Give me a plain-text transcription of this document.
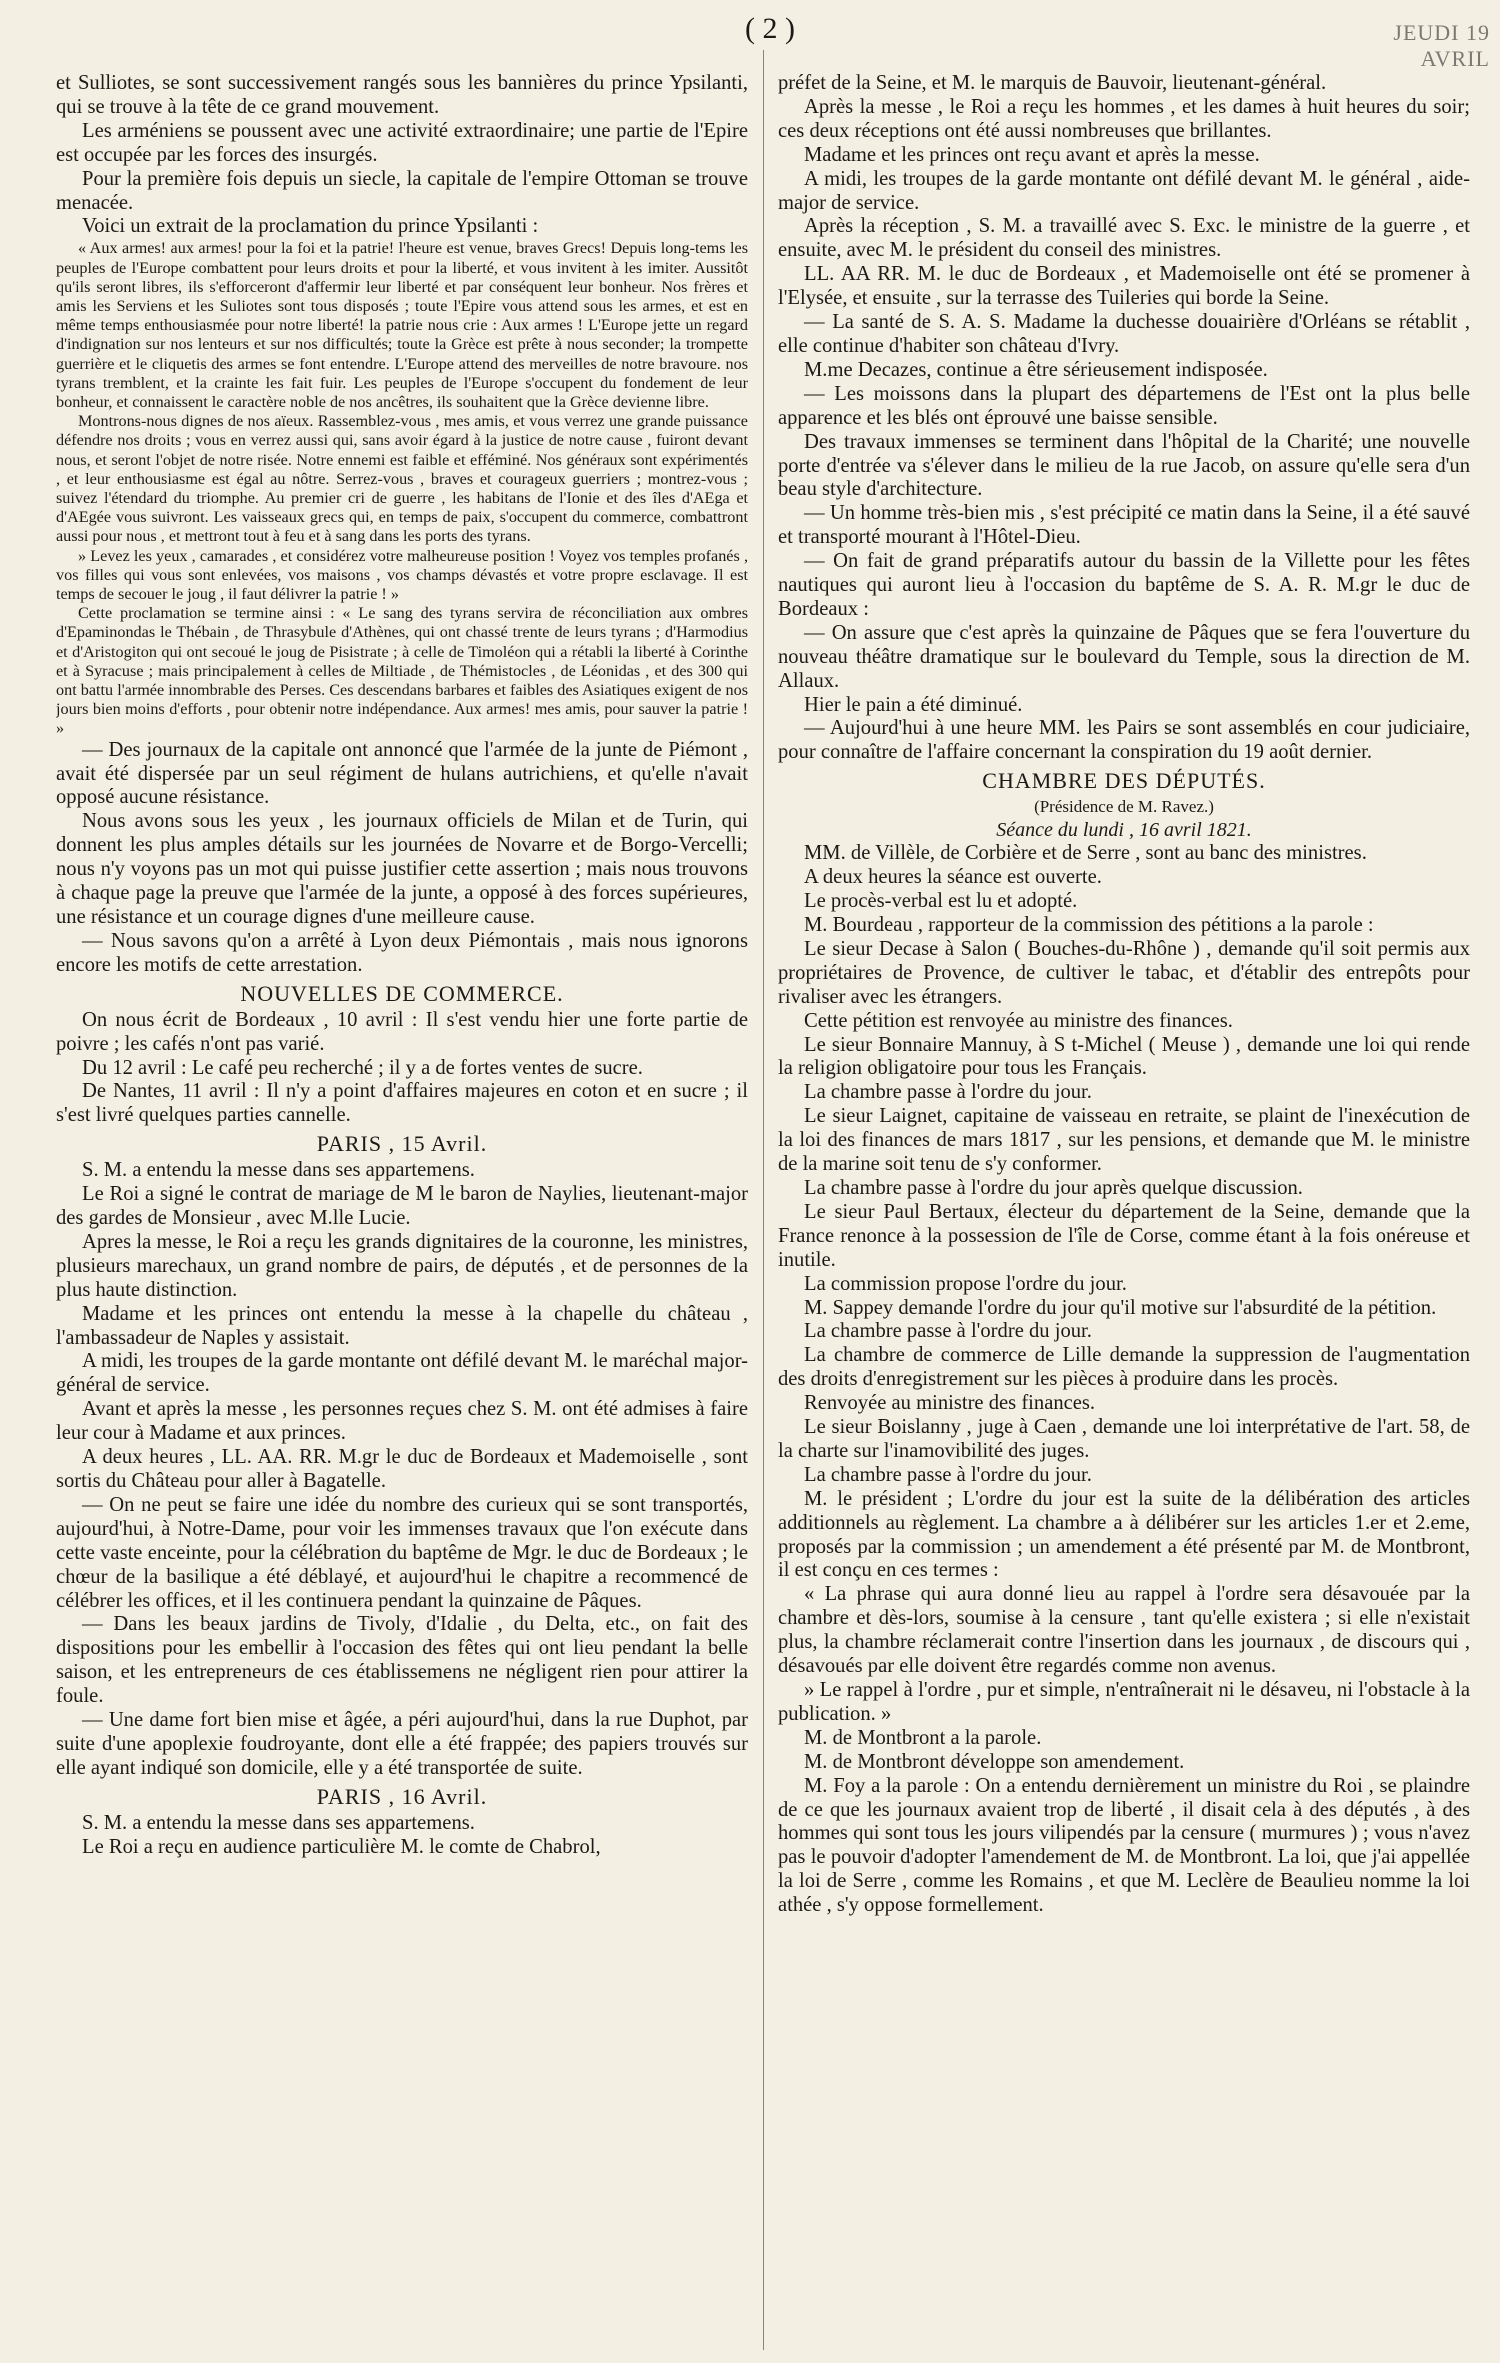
( 2 )	JEUDI 19 AVRIL

et Sulliotes, se sont successivement rangés sous les bannières du prince Ypsilanti, qui se trouve à la tête de ce grand mouvement.

Les arméniens se poussent avec une activité extraordinaire; une partie de l'Epire est occupée par les forces des insurgés.

Pour la première fois depuis un siecle, la capitale de l'empire Ottoman se trouve menacée.

Voici un extrait de la proclamation du prince Ypsilanti :

« Aux armes! aux armes! pour la foi et la patrie! l'heure est venue, braves Grecs! Depuis long-tems les peuples de l'Europe combattent pour leurs droits et pour la liberté, et vous invitent à les imiter. Aussitôt qu'ils seront libres, ils s'efforceront d'affermir leur liberté et par conséquent leur bonheur. Nos frères et amis les Serviens et les Suliotes sont tous disposés ; toute l'Epire vous attend sous les armes, et est en même temps enthousiasmée pour notre liberté! la patrie nous crie : Aux armes ! L'Europe jette un regard d'indignation sur nos lenteurs et sur nos difficultés; toute la Grèce est prête à nous seconder; la trompette guerrière et le cliquetis des armes se font entendre. L'Europe attend des merveilles de notre bravoure. nos tyrans tremblent, et la crainte les fait fuir. Les peuples de l'Europe s'occupent du fondement de leur bonheur, et connaissent le caractère noble de nos ancêtres, ils souhaitent que la Grèce devienne libre.

Montrons-nous dignes de nos aïeux. Rassemblez-vous , mes amis, et vous verrez une grande puissance défendre nos droits ; vous en verrez aussi qui, sans avoir égard à la justice de notre cause , fuiront devant nous, et seront l'objet de notre risée. Notre ennemi est faible et efféminé. Nos généraux sont expérimentés , et leur enthousiasme est égal au nôtre. Serrez-vous , braves et courageux guerriers ; montrez-vous ; suivez l'étendard du triomphe. Au premier cri de guerre , les habitans de l'Ionie et des îles d'AEga et d'AEgée vous suivront. Les vaisseaux grecs qui, en temps de paix, s'occupent du commerce, combattront aussi pour nous , et mettront tout à feu et à sang dans les ports des tyrans.

» Levez les yeux , camarades , et considérez votre malheureuse position ! Voyez vos temples profanés , vos filles qui vous sont enlevées, vos maisons , vos champs dévastés et votre propre esclavage. Il est temps de secouer le joug , il faut délivrer la patrie ! »

Cette proclamation se termine ainsi : « Le sang des tyrans servira de réconciliation aux ombres d'Epaminondas le Thébain , de Thrasybule d'Athènes, qui ont chassé trente de leurs tyrans ; d'Harmodius et d'Aristogiton qui ont secoué le joug de Pisistrate ; à celle de Timoléon qui a rétabli la liberté à Corinthe et à Syracuse ; mais principalement à celles de Miltiade , de Thémistocles , de Léonidas , et des 300 qui ont battu l'armée innombrable des Perses. Ces descendans barbares et faibles des Asiatiques exigent de nos jours bien moins d'efforts , pour obtenir notre indépendance. Aux armes! mes amis, pour sauver la patrie ! »

— Des journaux de la capitale ont annoncé que l'armée de la junte de Piémont , avait été dispersée par un seul régiment de hulans autrichiens, et qu'elle n'avait opposé aucune résistance.

Nous avons sous les yeux , les journaux officiels de Milan et de Turin, qui donnent les plus amples détails sur les journées de Novarre et de Borgo-Vercelli; nous n'y voyons pas un mot qui puisse justifier cette assertion ; mais nous trouvons à chaque page la preuve que l'armée de la junte, a opposé à des forces supérieures, une résistance et un courage dignes d'une meilleure cause.

— Nous savons qu'on a arrêté à Lyon deux Piémontais , mais nous ignorons encore les motifs de cette arrestation.

NOUVELLES DE COMMERCE.

On nous écrit de Bordeaux , 10 avril : Il s'est vendu hier une forte partie de poivre ; les cafés n'ont pas varié.

Du 12 avril : Le café peu recherché ; il y a de fortes ventes de sucre.

De Nantes, 11 avril : Il n'y a point d'affaires majeures en coton et en sucre ; il s'est livré quelques parties cannelle.

PARIS , 15 Avril.

S. M. a entendu la messe dans ses appartemens.

Le Roi a signé le contrat de mariage de M le baron de Naylies, lieutenant-major des gardes de Monsieur , avec M.lle Lucie.

Apres la messe, le Roi a reçu les grands dignitaires de la couronne, les ministres, plusieurs marechaux, un grand nombre de pairs, de députés , et de personnes de la plus haute distinction.

Madame et les princes ont entendu la messe à la chapelle du château , l'ambassadeur de Naples y assistait.

A midi, les troupes de la garde montante ont défilé devant M. le maréchal major-général de service.

Avant et après la messe , les personnes reçues chez S. M. ont été admises à faire leur cour à Madame et aux princes.

A deux heures , LL. AA. RR. M.gr le duc de Bordeaux et Mademoiselle , sont sortis du Château pour aller à Bagatelle.

— On ne peut se faire une idée du nombre des curieux qui se sont transportés, aujourd'hui, à Notre-Dame, pour voir les immenses travaux que l'on exécute dans cette vaste enceinte, pour la célébration du baptême de Mgr. le duc de Bordeaux ; le chœur de la basilique a été déblayé, et aujourd'hui le chapitre a recommencé de célébrer les offices, et il les continuera pendant la quinzaine de Pâques.

— Dans les beaux jardins de Tivoly, d'Idalie , du Delta, etc., on fait des dispositions pour les embellir à l'occasion des fêtes qui ont lieu pendant la belle saison, et les entrepreneurs de ces établissemens ne négligent rien pour attirer la foule.

— Une dame fort bien mise et âgée, a péri aujourd'hui, dans la rue Duphot, par suite d'une apoplexie foudroyante, dont elle a été frappée; des papiers trouvés sur elle ayant indiqué son domicile, elle y a été transportée de suite.

PARIS , 16 Avril.

S. M. a entendu la messe dans ses appartemens.

Le Roi a reçu en audience particulière M. le comte de Chabrol,

préfet de la Seine, et M. le marquis de Bauvoir, lieutenant-général.

Après la messe , le Roi a reçu les hommes , et les dames à huit heures du soir; ces deux réceptions ont été aussi nombreuses que brillantes.

Madame et les princes ont reçu avant et après la messe.

A midi, les troupes de la garde montante ont défilé devant M. le général , aide-major de service.

Après la réception , S. M. a travaillé avec S. Exc. le ministre de la guerre , et ensuite, avec M. le président du conseil des ministres.

LL. AA RR. M. le duc de Bordeaux , et Mademoiselle ont été se promener à l'Elysée, et ensuite , sur la terrasse des Tuileries qui borde la Seine.

— La santé de S. A. S. Madame la duchesse douairière d'Orléans se rétablit , elle continue d'habiter son château d'Ivry.

M.me Decazes, continue a être sérieusement indisposée.

— Les moissons dans la plupart des départemens de l'Est ont la plus belle apparence et les blés ont éprouvé une baisse sensible.

Des travaux immenses se terminent dans l'hôpital de la Charité; une nouvelle porte d'entrée va s'élever dans le milieu de la rue Jacob, on assure qu'elle sera d'un beau style d'architecture.

— Un homme très-bien mis , s'est précipité ce matin dans la Seine, il a été sauvé et transporté mourant à l'Hôtel-Dieu.

— On fait de grand préparatifs autour du bassin de la Villette pour les fêtes nautiques qui auront lieu à l'occasion du baptême de S. A. R. M.gr le duc de Bordeaux :

— On assure que c'est après la quinzaine de Pâques que se fera l'ouverture du nouveau théâtre dramatique sur le boulevard du Temple, sous la direction de M. Allaux.

Hier le pain a été diminué.

— Aujourd'hui à une heure MM. les Pairs se sont assemblés en cour judiciaire, pour connaître de l'affaire concernant la conspiration du 19 août dernier.

CHAMBRE DES DÉPUTÉS.
(Présidence de M. Ravez.)
Séance du lundi , 16 avril 1821.

MM. de Villèle, de Corbière et de Serre , sont au banc des ministres.

A deux heures la séance est ouverte.

Le procès-verbal est lu et adopté.

M. Bourdeau , rapporteur de la commission des pétitions a la parole :

Le sieur Decase à Salon ( Bouches-du-Rhône ) , demande qu'il soit permis aux propriétaires de Provence, de cultiver le tabac, et d'établir des entrepôts pour rivaliser avec les étrangers.

Cette pétition est renvoyée au ministre des finances.

Le sieur Bonnaire Mannuy, à S t-Michel ( Meuse ) , demande une loi qui rende la religion obligatoire pour tous les Français.

La chambre passe à l'ordre du jour.

Le sieur Laignet, capitaine de vaisseau en retraite, se plaint de l'inexécution de la loi des finances de mars 1817 , sur les pensions, et demande que M. le ministre de la marine soit tenu de s'y conformer.

La chambre passe à l'ordre du jour après quelque discussion.

Le sieur Paul Bertaux, électeur du département de la Seine, demande que la France renonce à la possession de l'île de Corse, comme étant à la fois onéreuse et inutile.

La commission propose l'ordre du jour.

M. Sappey demande l'ordre du jour qu'il motive sur l'absurdité de la pétition.

La chambre passe à l'ordre du jour.

La chambre de commerce de Lille demande la suppression de l'augmentation des droits d'enregistrement sur les pièces à produire dans les procès.

Renvoyée au ministre des finances.

Le sieur Boislanny , juge à Caen , demande une loi interprétative de l'art. 58, de la charte sur l'inamovibilité des juges.

La chambre passe à l'ordre du jour.

M. le président ; L'ordre du jour est la suite de la délibération des articles additionnels au règlement. La chambre a à délibérer sur les articles 1.er et 2.eme, proposés par la commission ; un amendement a été présenté par M. de Montbront, il est conçu en ces termes :

« La phrase qui aura donné lieu au rappel à l'ordre sera désavouée par la chambre et dès-lors, soumise à la censure , tant qu'elle existera ; si elle n'existait plus, la chambre réclamerait contre l'insertion dans les journaux , de discours qui , désavoués par elle doivent être regardés comme non avenus.

» Le rappel à l'ordre , pur et simple, n'entraînerait ni le désaveu, ni l'obstacle à la publication. »

M. de Montbront a la parole.

M. de Montbront développe son amendement.

M. Foy a la parole : On a entendu dernièrement un ministre du Roi , se plaindre de ce que les journaux avaient trop de liberté , il disait cela à des députés , à des hommes qui sont tous les jours vilipendés par la censure ( murmures ) ; vous n'avez pas le pouvoir d'adopter l'amendement de M. de Montbront. La loi, que j'ai appellée la loi de Serre , comme les Romains , et que M. Leclère de Beaulieu nomme la loi athée , s'y oppose formellement.
